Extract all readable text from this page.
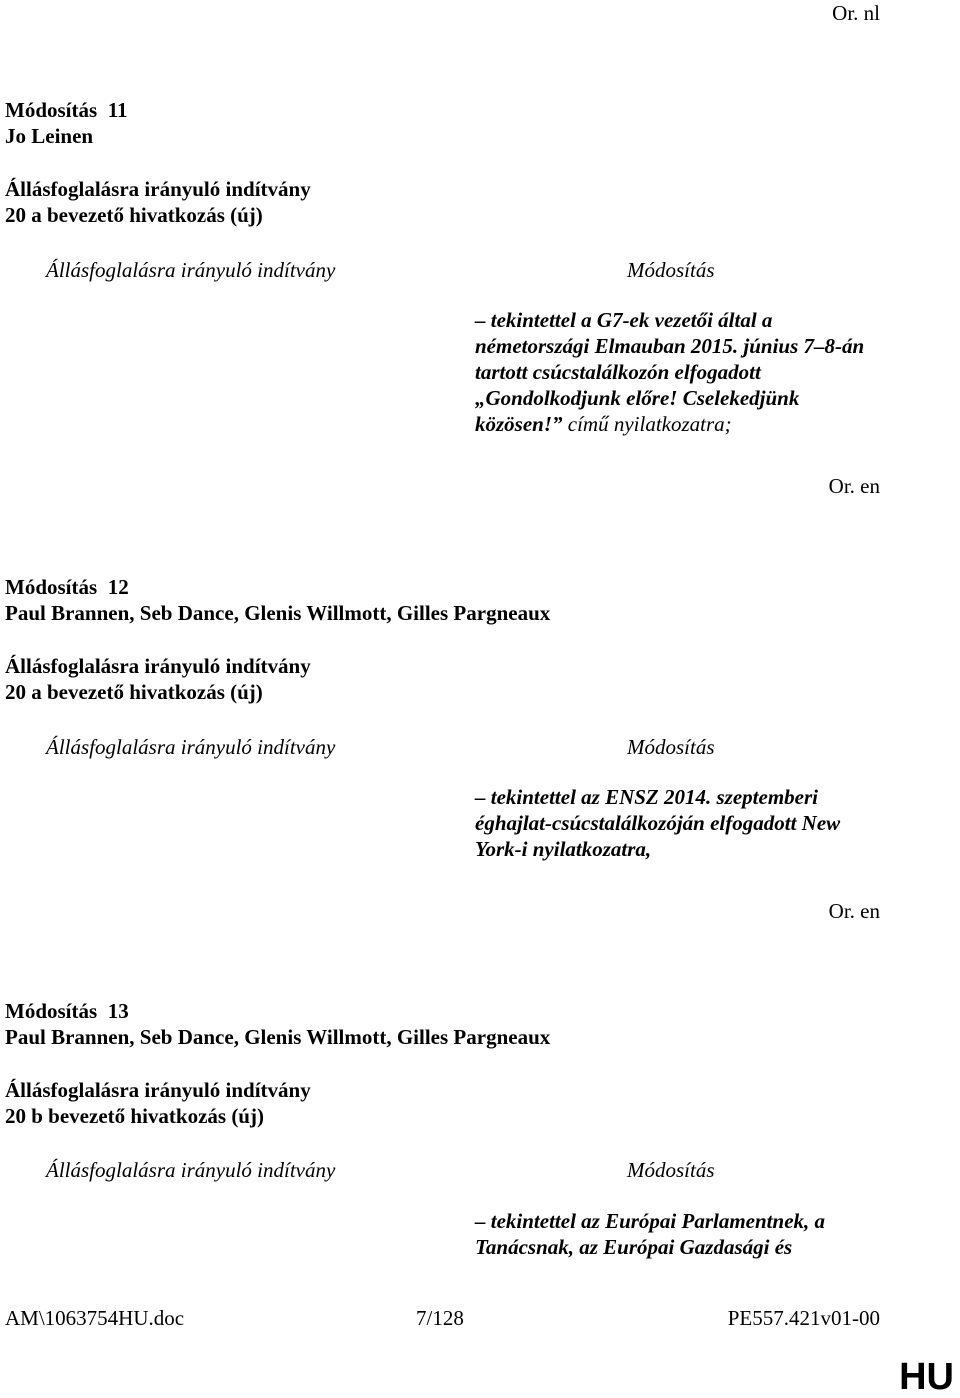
Or. nl
Módosítás 11
Jo Leinen
Állásfoglalásra irányuló indítvány
20 a bevezető hivatkozás (új)
Állásfoglalásra irányuló indítvány	Módosítás
– tekintettel a G7-ek vezetői által a németországi Elmauban 2015. június 7–8-án tartott csúcstalálkozón elfogadott „Gondolkodjunk előre! Cselekedjünk közösen!” című nyilatkozatra;
Or. en
Módosítás 12
Paul Brannen, Seb Dance, Glenis Willmott, Gilles Pargneaux
Állásfoglalásra irányuló indítvány
20 a bevezető hivatkozás (új)
Állásfoglalásra irányuló indítvány	Módosítás
– tekintettel az ENSZ 2014. szeptemberi éghajlat-csúcstalálkozóján elfogadott New York-i nyilatkozatra,
Or. en
Módosítás 13
Paul Brannen, Seb Dance, Glenis Willmott, Gilles Pargneaux
Állásfoglalásra irányuló indítvány
20 b bevezető hivatkozás (új)
Állásfoglalásra irányuló indítvány	Módosítás
– tekintettel az Európai Parlamentnek, a Tanácsnak, az Európai Gazdasági és
AM\1063754HU.doc	7/128	PE557.421v01-00
HU
